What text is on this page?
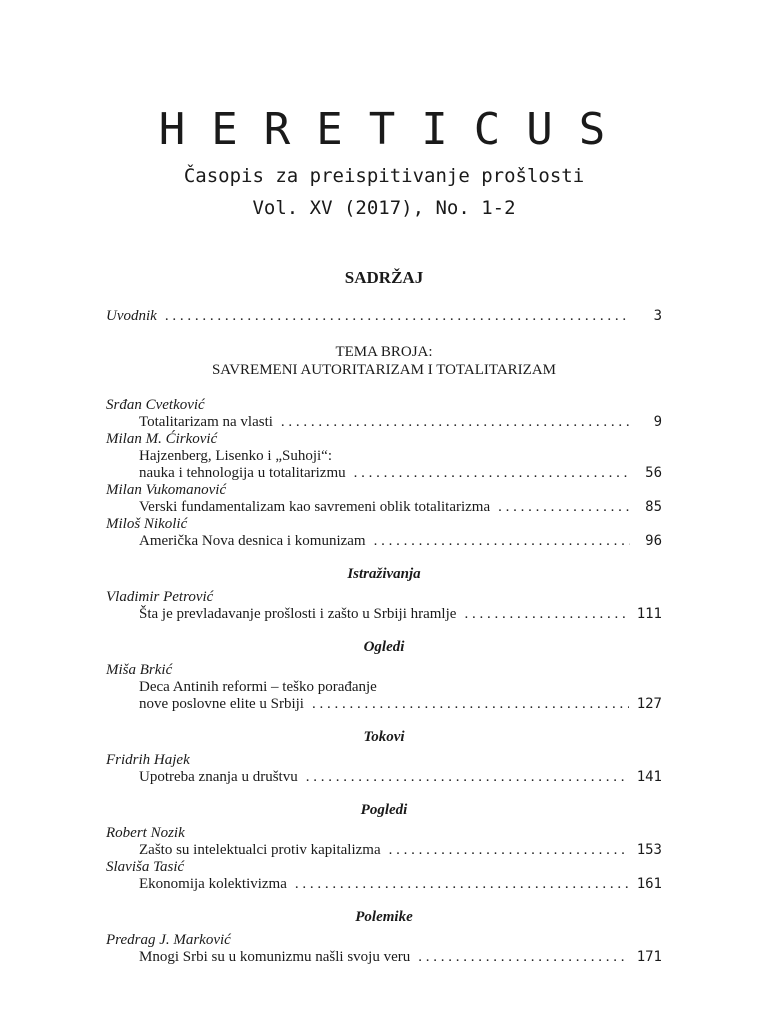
HERETICUS
Časopis za preispitivanje prošlosti
Vol. XV (2017), No. 1-2
SADRŽAJ
Uvodnik . . .	3
TEMA BROJA:
SAVREMENI AUTORITARIZAM I TOTALITARIZAM
Srđan Cvetković
Totalitarizam na vlasti . . .	9
Milan M. Ćirković
Hajzenberg, Lisenko i „Suhoji“:
nauka i tehnologija u totalitarizmu . . .	56
Milan Vukomanović
Verski fundamentalizam kao savremeni oblik totalitarizma . . .	85
Miloš Nikolić
Američka Nova desnica i komunizam . . .	96
Istraživanja
Vladimir Petrović
Šta je prevladavanje prošlosti i zašto u Srbiji hramlje . . .	111
Ogledi
Miša Brkić
Deca Antinih reformi – teško porađanje
nove poslovne elite u Srbiji . . .	127
Tokovi
Fridrih Hajek
Upotreba znanja u društvu . . .	141
Pogledi
Robert Nozik
Zašto su intelektualci protiv kapitalizma . . .	153
Slaviša Tasić
Ekonomija kolektivizma . . .	161
Polemike
Predrag J. Marković
Mnogi Srbi su u komunizmu našli svoju veru . . .	171
